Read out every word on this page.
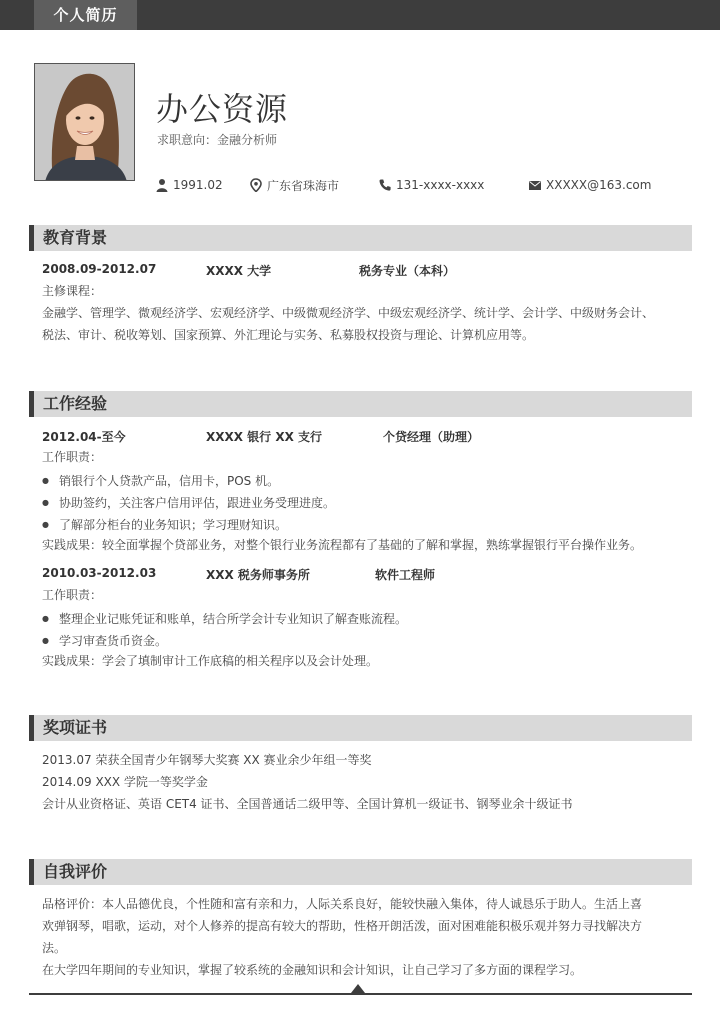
个人简历
办公资源
求职意向：金融分析师
1991.02	广东省珠海市	131-xxxx-xxxx	XXXXX@163.com
教育背景
2008.09-2012.07	XXXX 大学	税务专业（本科）
主修课程：
金融学、管理学、微观经济学、宏观经济学、中级微观经济学、中级宏观经济学、统计学、会计学、中级财务会计、
税法、审计、税收筹划、国家预算、外汇理论与实务、私募股权投资与理论、计算机应用等。
工作经验
2012.04-至今	XXXX 银行 XX 支行	个贷经理（助理）
工作职责：
● 销银行个人贷款产品，信用卡，POS 机。
● 协助签约，关注客户信用评估，跟进业务受理进度。
● 了解部分柜台的业务知识；学习理财知识。
实践成果：较全面掌握个贷部业务，对整个银行业务流程都有了基础的了解和掌握，熟练掌握银行平台操作业务。
2010.03-2012.03	XXX 税务师事务所	软件工程师
工作职责：
● 整理企业记账凭证和账单，结合所学会计专业知识了解查账流程。
● 学习审查货币资金。
实践成果：学会了填制审计工作底稿的相关程序以及会计处理。
奖项证书
2013.07 荣获全国青少年钢琴大奖赛 XX 赛业余少年组一等奖
2014.09 XXX 学院一等奖学金
会计从业资格证、英语 CET4 证书、全国普通话二级甲等、全国计算机一级证书、钢琴业余十级证书
自我评价
品格评价：本人品德优良，个性随和富有亲和力，人际关系良好，能较快融入集体，待人诚恳乐于助人。生活上喜
欢弹钢琴，唱歌，运动，对个人修养的提高有较大的帮助，性格开朗活泼，面对困难能积极乐观并努力寻找解决方
法。
在大学四年期间的专业知识，掌握了较系统的金融知识和会计知识，让自己学习了多方面的课程学习。
